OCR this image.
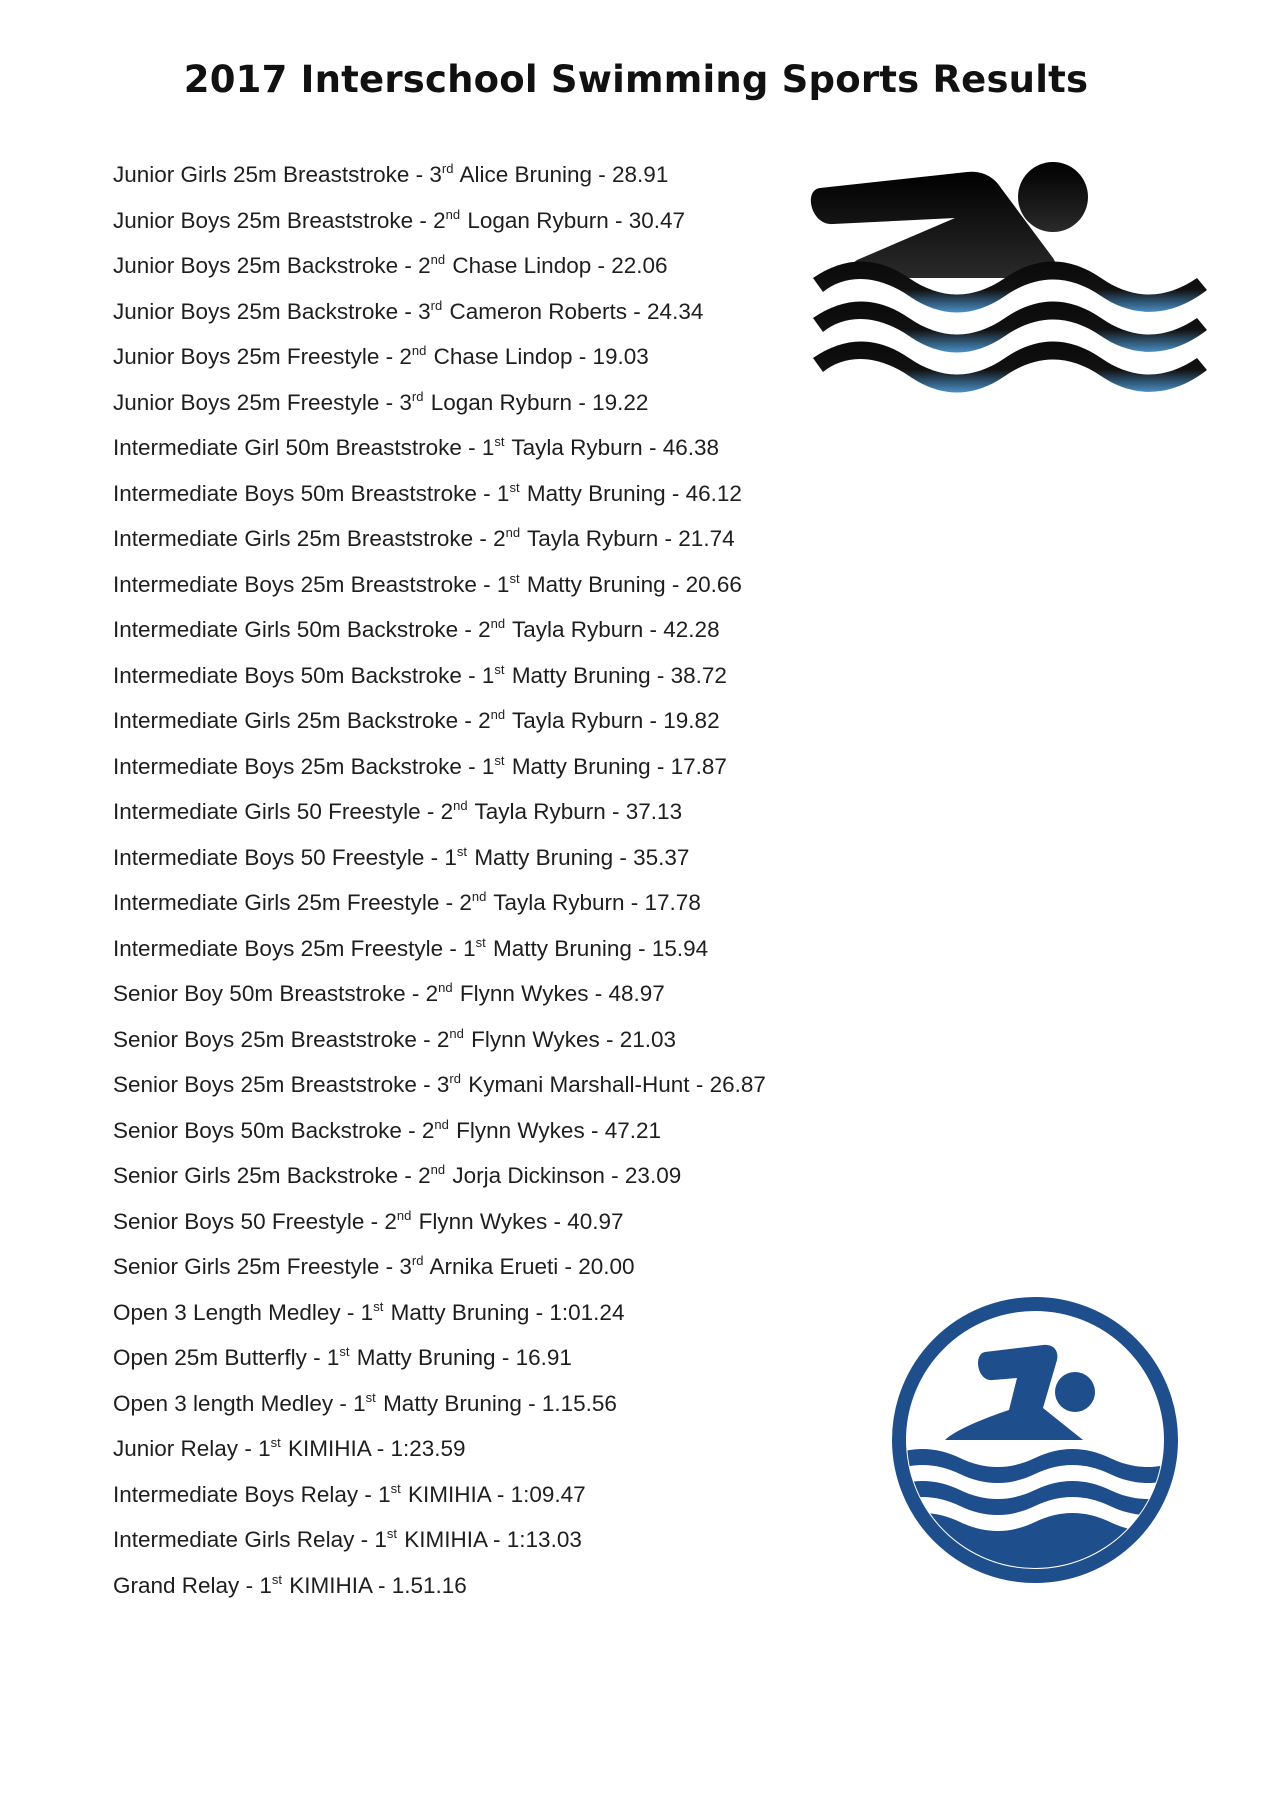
2017 Interschool Swimming Sports Results
Junior Girls 25m Breaststroke - 3rd Alice Bruning - 28.91
Junior Boys 25m Breaststroke - 2nd Logan Ryburn - 30.47
Junior Boys 25m Backstroke - 2nd Chase Lindop - 22.06
Junior Boys 25m Backstroke - 3rd Cameron Roberts - 24.34
Junior Boys 25m Freestyle - 2nd Chase Lindop - 19.03
Junior Boys 25m Freestyle - 3rd Logan Ryburn - 19.22
Intermediate Girl 50m Breaststroke - 1st Tayla Ryburn - 46.38
Intermediate Boys 50m Breaststroke - 1st Matty Bruning - 46.12
Intermediate Girls 25m Breaststroke - 2nd Tayla Ryburn - 21.74
Intermediate Boys 25m Breaststroke - 1st Matty Bruning - 20.66
Intermediate Girls 50m Backstroke - 2nd Tayla Ryburn - 42.28
Intermediate Boys 50m Backstroke - 1st Matty Bruning - 38.72
Intermediate Girls 25m Backstroke - 2nd Tayla Ryburn - 19.82
Intermediate Boys 25m Backstroke - 1st Matty Bruning - 17.87
Intermediate Girls 50 Freestyle - 2nd Tayla Ryburn - 37.13
Intermediate Boys 50 Freestyle - 1st Matty Bruning - 35.37
Intermediate Girls 25m Freestyle - 2nd Tayla Ryburn - 17.78
Intermediate Boys 25m Freestyle - 1st Matty Bruning - 15.94
Senior Boy 50m Breaststroke - 2nd Flynn Wykes - 48.97
Senior Boys 25m Breaststroke - 2nd Flynn Wykes - 21.03
Senior Boys 25m Breaststroke - 3rd Kymani Marshall-Hunt - 26.87
Senior Boys 50m Backstroke - 2nd Flynn Wykes - 47.21
Senior Girls 25m Backstroke - 2nd Jorja Dickinson - 23.09
Senior Boys 50 Freestyle - 2nd Flynn Wykes - 40.97
Senior Girls 25m Freestyle - 3rd Arnika Erueti - 20.00
Open 3 Length Medley - 1st Matty Bruning - 1:01.24
Open 25m Butterfly - 1st Matty Bruning - 16.91
Open 3 length Medley - 1st Matty Bruning - 1.15.56
Junior Relay - 1st KIMIHIA - 1:23.59
Intermediate Boys Relay - 1st KIMIHIA - 1:09.47
Intermediate Girls Relay - 1st KIMIHIA - 1:13.03
Grand Relay - 1st KIMIHIA - 1.51.16
